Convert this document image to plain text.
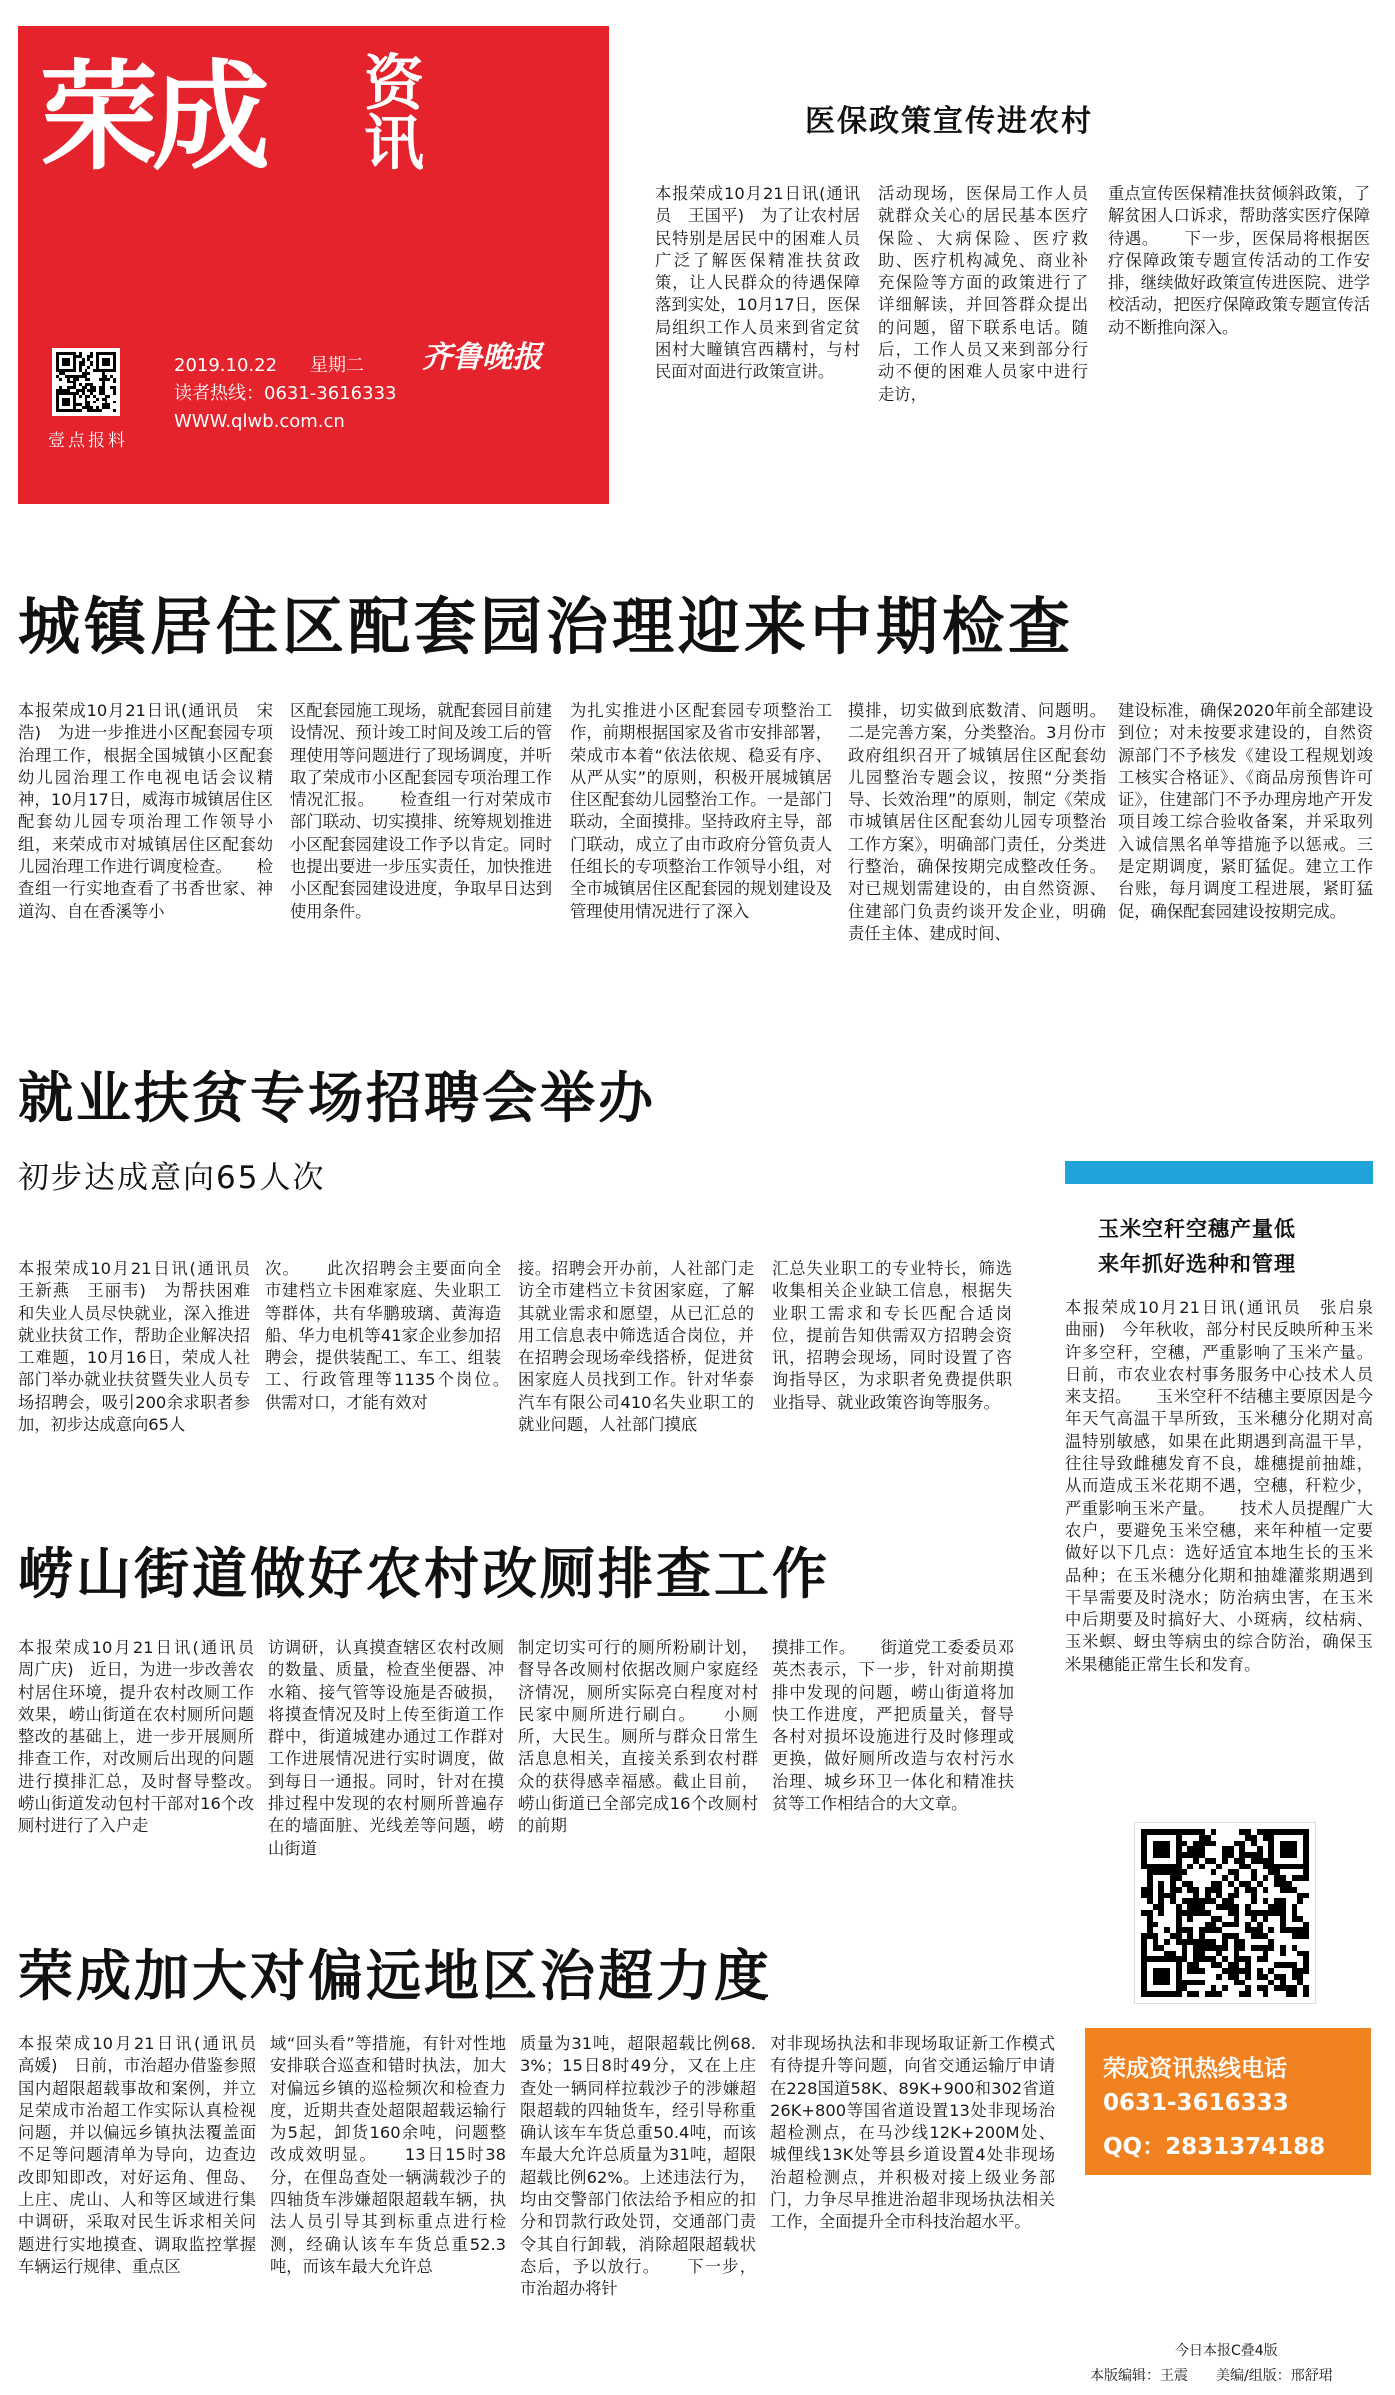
荣成 资
讯
壹点报料
2019.10.22 星期二
读者热线：0631-3616333
WWW.qlwb.com.cn
齐鲁晚报
医保政策宣传进农村
本报荣成10月21日讯(通讯员　王国平)　为了让农村居民特别是居民中的困难人员广泛了解医保精准扶贫政策，让人民群众的待遇保障落到实处，10月17日，医保局组织工作人员来到省定贫困村大疃镇宫西耩村，与村民面对面进行政策宣讲。
活动现场，医保局工作人员就群众关心的居民基本医疗保险、大病保险、医疗救助、医疗机构减免、商业补充保险等方面的政策进行了详细解读，并回答群众提出的问题，留下联系电话。随后，工作人员又来到部分行动不便的困难人员家中进行走访，
重点宣传医保精准扶贫倾斜政策，了解贫困人口诉求，帮助落实医疗保障待遇。　　下一步，医保局将根据医疗保障政策专题宣传活动的工作安排，继续做好政策宣传进医院、进学校活动，把医疗保障政策专题宣传活动不断推向深入。
城镇居住区配套园治理迎来中期检查
本报荣成10月21日讯(通讯员　宋浩)　为进一步推进小区配套园专项治理工作，根据全国城镇小区配套幼儿园治理工作电视电话会议精神，10月17日，威海市城镇居住区配套幼儿园专项治理工作领导小组，来荣成市对城镇居住区配套幼儿园治理工作进行调度检查。　　检查组一行实地查看了书香世家、神道沟、自在香溪等小
区配套园施工现场，就配套园目前建设情况、预计竣工时间及竣工后的管理使用等问题进行了现场调度，并听取了荣成市小区配套园专项治理工作情况汇报。　　检查组一行对荣成市部门联动、切实摸排、统筹规划推进小区配套园建设工作予以肯定。同时也提出要进一步压实责任，加快推进小区配套园建设进度，争取早日达到使用条件。
为扎实推进小区配套园专项整治工作，前期根据国家及省市安排部署，荣成市本着“依法依规、稳妥有序、从严从实”的原则，积极开展城镇居住区配套幼儿园整治工作。一是部门联动，全面摸排。坚持政府主导，部门联动，成立了由市政府分管负责人任组长的专项整治工作领导小组，对全市城镇居住区配套园的规划建设及管理使用情况进行了深入
摸排，切实做到底数清、问题明。二是完善方案，分类整治。3月份市政府组织召开了城镇居住区配套幼儿园整治专题会议，按照“分类指导、长效治理”的原则，制定《荣成市城镇居住区配套幼儿园专项整治工作方案》，明确部门责任，分类进行整治，确保按期完成整改任务。对已规划需建设的，由自然资源、住建部门负责约谈开发企业，明确责任主体、建成时间、
建设标准，确保2020年前全部建设到位；对未按要求建设的，自然资源部门不予核发《建设工程规划竣工核实合格证》、《商品房预售许可证》，住建部门不予办理房地产开发项目竣工综合验收备案，并采取列入诚信黑名单等措施予以惩戒。三是定期调度，紧盯猛促。建立工作台账，每月调度工程进展，紧盯猛促，确保配套园建设按期完成。
就业扶贫专场招聘会举办
初步达成意向65人次
本报荣成10月21日讯(通讯员　王新燕　王丽韦)　为帮扶困难和失业人员尽快就业，深入推进就业扶贫工作，帮助企业解决招工难题，10月16日，荣成人社部门举办就业扶贫暨失业人员专场招聘会，吸引200余求职者参加，初步达成意向65人
次。　　此次招聘会主要面向全市建档立卡困难家庭、失业职工等群体，共有华鹏玻璃、黄海造船、华力电机等41家企业参加招聘会，提供装配工、车工、组装工、行政管理等1135个岗位。　　供需对口，才能有效对
接。招聘会开办前，人社部门走访全市建档立卡贫困家庭，了解其就业需求和愿望，从已汇总的用工信息表中筛选适合岗位，并在招聘会现场牵线搭桥，促进贫困家庭人员找到工作。针对华泰汽车有限公司410名失业职工的就业问题，人社部门摸底
汇总失业职工的专业特长，筛选收集相关企业缺工信息，根据失业职工需求和专长匹配合适岗位，提前告知供需双方招聘会资讯，招聘会现场，同时设置了咨询指导区，为求职者免费提供职业指导、就业政策咨询等服务。
玉米空秆空穗产量低
来年抓好选种和管理
本报荣成10月21日讯(通讯员　张启泉　曲丽)　今年秋收，部分村民反映所种玉米许多空秆，空穗，严重影响了玉米产量。日前，市农业农村事务服务中心技术人员来支招。　　玉米空秆不结穗主要原因是今年天气高温干旱所致，玉米穗分化期对高温特别敏感，如果在此期遇到高温干旱，往往导致雌穗发育不良，雄穗提前抽雄，从而造成玉米花期不遇，空穗，秆粒少，严重影响玉米产量。　　技术人员提醒广大农户，要避免玉米空穗，来年种植一定要做好以下几点：选好适宜本地生长的玉米品种；在玉米穗分化期和抽雄灌浆期遇到干旱需要及时浇水；防治病虫害，在玉米中后期要及时搞好大、小斑病，纹枯病、玉米螟、蚜虫等病虫的综合防治，确保玉米果穗能正常生长和发育。
崂山街道做好农村改厕排查工作
本报荣成10月21日讯(通讯员　周广庆)　近日，为进一步改善农村居住环境，提升农村改厕工作效果，崂山街道在农村厕所问题整改的基础上，进一步开展厕所排查工作，对改厕后出现的问题进行摸排汇总，及时督导整改。　　崂山街道发动包村干部对16个改厕村进行了入户走
访调研，认真摸查辖区农村改厕的数量、质量，检查坐便器、冲水箱、接气管等设施是否破损，将摸查情况及时上传至街道工作群中，街道城建办通过工作群对工作进展情况进行实时调度，做到每日一通报。同时，针对在摸排过程中发现的农村厕所普遍存在的墙面脏、光线差等问题，崂山街道
制定切实可行的厕所粉刷计划，督导各改厕村依据改厕户家庭经济情况，厕所实际亮白程度对村民家中厕所进行刷白。　　小厕所，大民生。厕所与群众日常生活息息相关，直接关系到农村群众的获得感幸福感。截止目前，崂山街道已全部完成16个改厕村的前期
摸排工作。　　街道党工委委员邓英杰表示，下一步，针对前期摸排中发现的问题，崂山街道将加快工作进度，严把质量关，督导各村对损坏设施进行及时修理或更换，做好厕所改造与农村污水治理、城乡环卫一体化和精准扶贫等工作相结合的大文章。
荣成加大对偏远地区治超力度
本报荣成10月21日讯(通讯员　高媛)　日前，市治超办借鉴参照国内超限超载事故和案例，并立足荣成市治超工作实际认真检视问题，并以偏远乡镇执法覆盖面不足等问题清单为导向，边查边改即知即改，对好运角、俚岛、上庄、虎山、人和等区域进行集中调研，采取对民生诉求相关问题进行实地摸查、调取监控掌握车辆运行规律、重点区
域“回头看”等措施，有针对性地安排联合巡查和错时执法，加大对偏远乡镇的巡检频次和检查力度，近期共查处超限超载运输行为5起，卸货160余吨，问题整改成效明显。　　13日15时38分，在俚岛查处一辆满载沙子的四轴货车涉嫌超限超载车辆，执法人员引导其到标重点进行检测，经确认该车车货总重52.3吨，而该车最大允许总
质量为31吨，超限超载比例68.3%；15日8时49分，又在上庄查处一辆同样拉载沙子的涉嫌超限超载的四轴货车，经引导称重确认该车车货总重50.4吨，而该车最大允许总质量为31吨，超限超载比例62%。上述违法行为，均由交警部门依法给予相应的扣分和罚款行政处罚，交通部门责令其自行卸载，消除超限超载状态后，予以放行。　　下一步，市治超办将针
对非现场执法和非现场取证新工作模式有待提升等问题，向省交通运输厅申请在228国道58K、89K+900和302省道26K+800等国省道设置13处非现场治超检测点，在马沙线12K+200M处、城俚线13K处等县乡道设置4处非现场治超检测点，并积极对接上级业务部门，力争尽早推进治超非现场执法相关工作，全面提升全市科技治超水平。
荣成资讯热线电话
0631-3616333
QQ：2831374188
今日本报C叠4版
本版编辑：王震　　美编/组版：邢舒珺
